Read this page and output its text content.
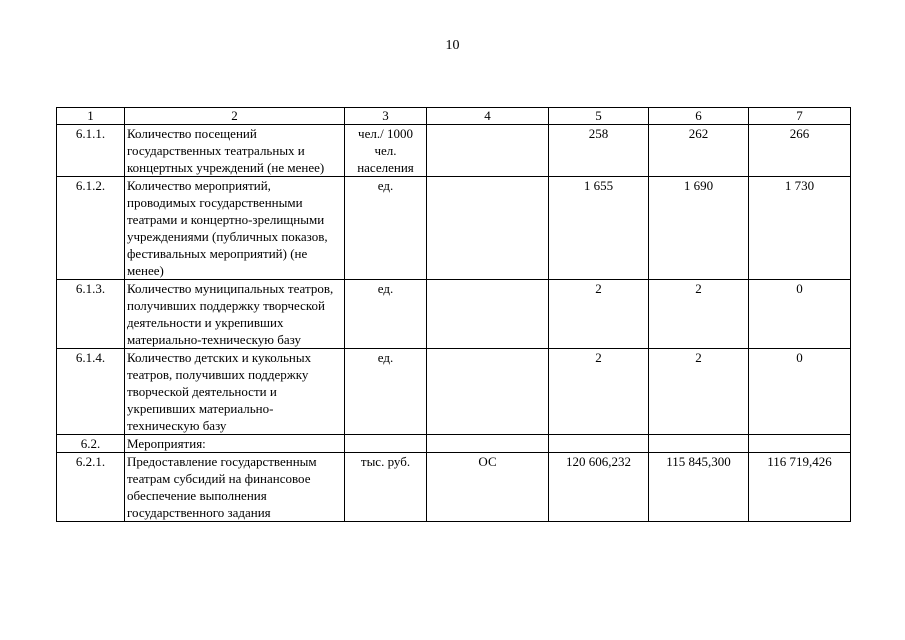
10
1	2	3	4	5	6	7
6.1.1.	Количество посещений государственных театральных и концертных учреждений (не менее)	чел./ 1000 чел. населения		258	262	266
6.1.2.	Количество мероприятий, проводимых государственными театрами и концертно-зрелищными учреждениями (публичных показов, фестивальных мероприятий) (не менее)	ед.		1 655	1 690	1 730
6.1.3.	Количество муниципальных театров, получивших поддержку творческой деятельности и укрепивших материально-техническую базу	ед.		2	2	0
6.1.4.	Количество детских и кукольных театров, получивших поддержку творческой деятельности и укрепивших материально-техническую базу	ед.		2	2	0
6.2.	Мероприятия:					
6.2.1.	Предоставление государственным театрам субсидий на финансовое обеспечение выполнения государственного задания	тыс. руб.	ОС	120 606,232	115 845,300	116 719,426
